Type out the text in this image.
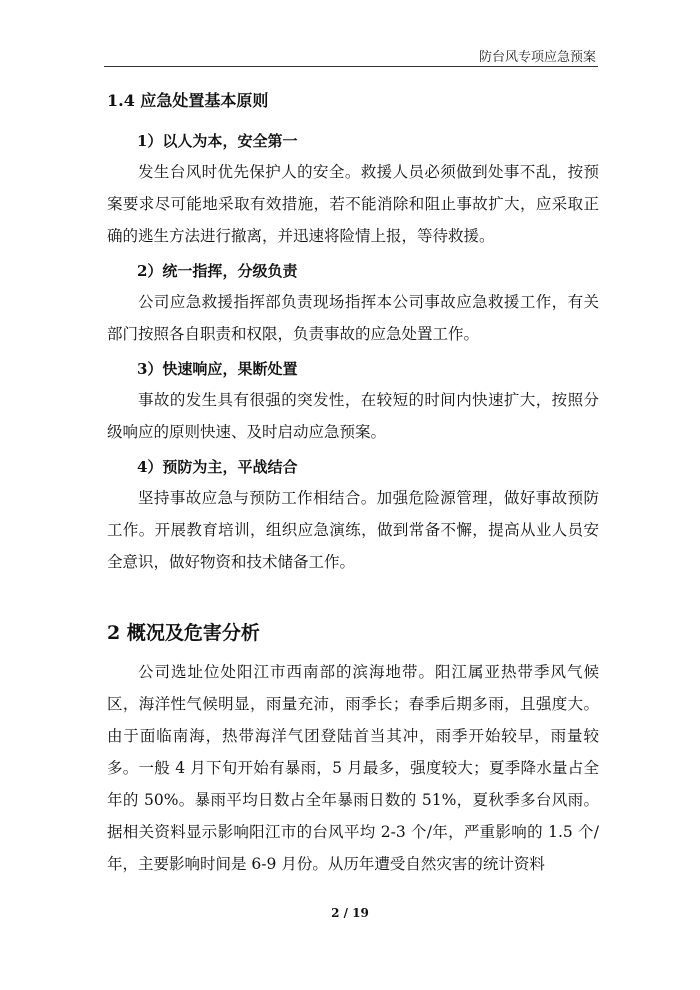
防台风专项应急预案
1.4 应急处置基本原则
1）以人为本，安全第一

发生台风时优先保护人的安全。救援人员必须做到处事不乱，按预案要求尽可能地采取有效措施，若不能消除和阻止事故扩大，应采取正确的逃生方法进行撤离，并迅速将险情上报，等待救援。

2）统一指挥，分级负责

公司应急救援指挥部负责现场指挥本公司事故应急救援工作，有关部门按照各自职责和权限，负责事故的应急处置工作。

3）快速响应，果断处置

事故的发生具有很强的突发性，在较短的时间内快速扩大，按照分级响应的原则快速、及时启动应急预案。

4）预防为主，平战结合

坚持事故应急与预防工作相结合。加强危险源管理，做好事故预防工作。开展教育培训，组织应急演练，做到常备不懈，提高从业人员安全意识，做好物资和技术储备工作。

2 概况及危害分析

公司选址位处阳江市西南部的滨海地带。阳江属亚热带季风气候区，海洋性气候明显，雨量充沛，雨季长；春季后期多雨，且强度大。由于面临南海，热带海洋气团登陆首当其冲，雨季开始较早，雨量较多。一般 4 月下旬开始有暴雨，5 月最多，强度较大；夏季降水量占全年的 50%。暴雨平均日数占全年暴雨日数的 51%，夏秋季多台风雨。据相关资料显示影响阳江市的台风平均 2-3 个/年，严重影响的 1.5 个/年，主要影响时间是 6-9 月份。从历年遭受自然灾害的统计资料

2 / 19
